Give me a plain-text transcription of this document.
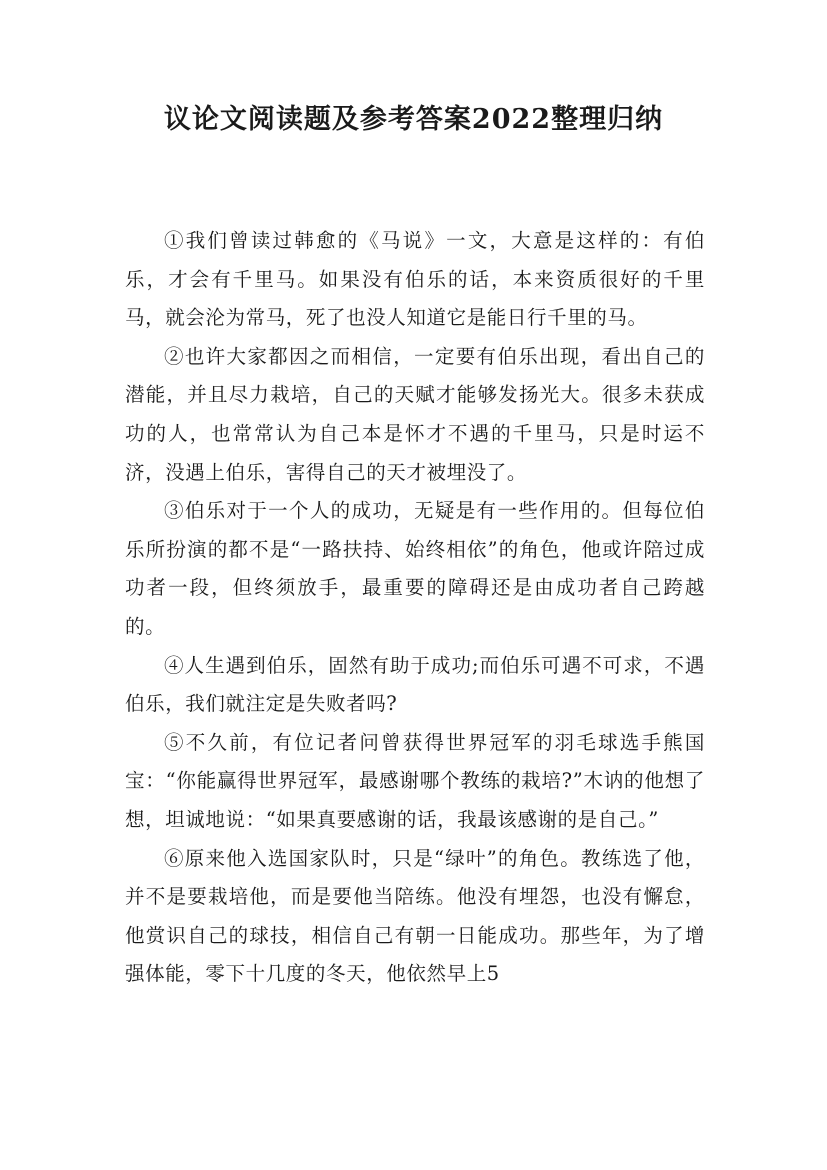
议论文阅读题及参考答案2022整理归纳

①我们曾读过韩愈的《马说》一文，大意是这样的：有伯乐，才会有千里马。如果没有伯乐的话，本来资质很好的千里马，就会沦为常马，死了也没人知道它是能日行千里的马。

②也许大家都因之而相信，一定要有伯乐出现，看出自己的潜能，并且尽力栽培，自己的天赋才能够发扬光大。很多未获成功的人，也常常认为自己本是怀才不遇的千里马，只是时运不济，没遇上伯乐，害得自己的天才被埋没了。

③伯乐对于一个人的成功，无疑是有一些作用的。但每位伯乐所扮演的都不是“一路扶持、始终相依”的角色，他或许陪过成功者一段，但终须放手，最重要的障碍还是由成功者自己跨越的。

④人生遇到伯乐，固然有助于成功;而伯乐可遇不可求，不遇伯乐，我们就注定是失败者吗?

⑤不久前，有位记者问曾获得世界冠军的羽毛球选手熊国宝：“你能赢得世界冠军，最感谢哪个教练的栽培?”木讷的他想了想，坦诚地说：“如果真要感谢的话，我最该感谢的是自己。”

⑥原来他入选国家队时，只是“绿叶”的角色。教练选了他，并不是要栽培他，而是要他当陪练。他没有埋怨，也没有懈怠，他赏识自己的球技，相信自己有朝一日能成功。那些年，为了增强体能，零下十几度的冬天，他依然早上5
